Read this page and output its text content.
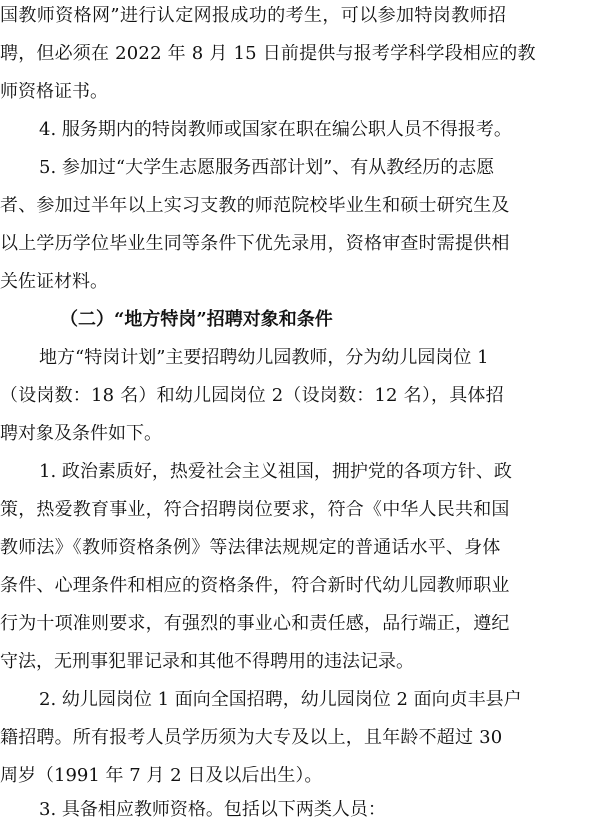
国教师资格网”进行认定网报成功的考生，可以参加特岗教师招
聘，但必须在 2022 年 8 月 15 日前提供与报考学科学段相应的教
师资格证书。
4. 服务期内的特岗教师或国家在职在编公职人员不得报考。
5. 参加过“大学生志愿服务西部计划”、有从教经历的志愿
者、参加过半年以上实习支教的师范院校毕业生和硕士研究生及
以上学历学位毕业生同等条件下优先录用，资格审查时需提供相
关佐证材料。
（二）“地方特岗”招聘对象和条件
地方“特岗计划”主要招聘幼儿园教师，分为幼儿园岗位 1
（设岗数：18 名）和幼儿园岗位 2（设岗数：12 名），具体招
聘对象及条件如下。
1. 政治素质好，热爱社会主义祖国，拥护党的各项方针、政
策，热爱教育事业，符合招聘岗位要求，符合《中华人民共和国
教师法》《教师资格条例》等法律法规规定的普通话水平、身体
条件、心理条件和相应的资格条件，符合新时代幼儿园教师职业
行为十项准则要求，有强烈的事业心和责任感，品行端正，遵纪
守法，无刑事犯罪记录和其他不得聘用的违法记录。
2. 幼儿园岗位 1 面向全国招聘，幼儿园岗位 2 面向贞丰县户
籍招聘。所有报考人员学历须为大专及以上，且年龄不超过 30
周岁（1991 年 7 月 2 日及以后出生）。
3. 具备相应教师资格。包括以下两类人员：
